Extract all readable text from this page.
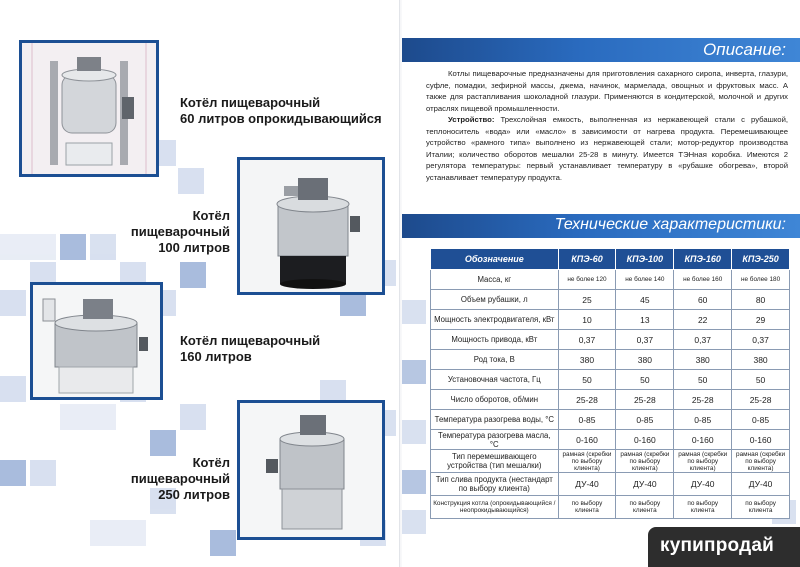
Котёл пищеварочный
60 литров опрокидывающийся
Котёл пищеварочный
100 литров
Котёл пищеварочный
160 литров
Котёл пищеварочный
250 литров
Описание:

Котлы пищеварочные предназначены для приготовления сахарного сиропа, инверта, глазури, суфле, помадки, зефирной массы, джема, начинок, мармелада, овощных и фруктовых масс. А также для растапливания шоколадной глазури. Применяются в кондитерской, молочной и других отраслях пищевой промышленности.

Устройство: Трехслойная емкость, выполненная из нержавеющей стали с рубашкой, теплоноситель «вода» или «масло» в зависимости от нагрева продукта. Перемешивающее устройство «рамного типа» выполнено из нержавеющей стали; мотор-редуктор производства Италии; количество оборотов мешалки 25-28 в минуту. Имеется ТЭНная коробка. Имеются 2 регулятора температуры: первый устанавливает температуру в «рубашке обогрева», второй устанавливает температуру продукта.

Технические характеристики:
Обозначение	КПЭ-60	КПЭ-100	КПЭ-160	КПЭ-250
Масса, кг	не более 120	не более 140	не более 160	не более 180
Объем рубашки, л	25	45	60	80
Мощность электродвигателя, кВт	10	13	22	29
Мощность привода, кВт	0,37	0,37	0,37	0,37
Род тока, В	380	380	380	380
Установочная частота, Гц	50	50	50	50
Число оборотов, об/мин	25-28	25-28	25-28	25-28
Температура разогрева воды, °С	0-85	0-85	0-85	0-85
Температура разогрева масла, °С	0-160	0-160	0-160	0-160
Тип перемешивающего устройства (тип мешалки)	рамная (скребки по выбору клиента)	рамная (скребки по выбору клиента)	рамная (скребки по выбору клиента)	рамная (скребки по выбору клиента)
Тип слива продукта (нестандарт по выбору клиента)	ДУ-40	ДУ-40	ДУ-40	ДУ-40
Конструкция котла (опрокидывающийся / неопрокидывающийся)	по выбору клиента	по выбору клиента	по выбору клиента	по выбору клиента
купипродай
